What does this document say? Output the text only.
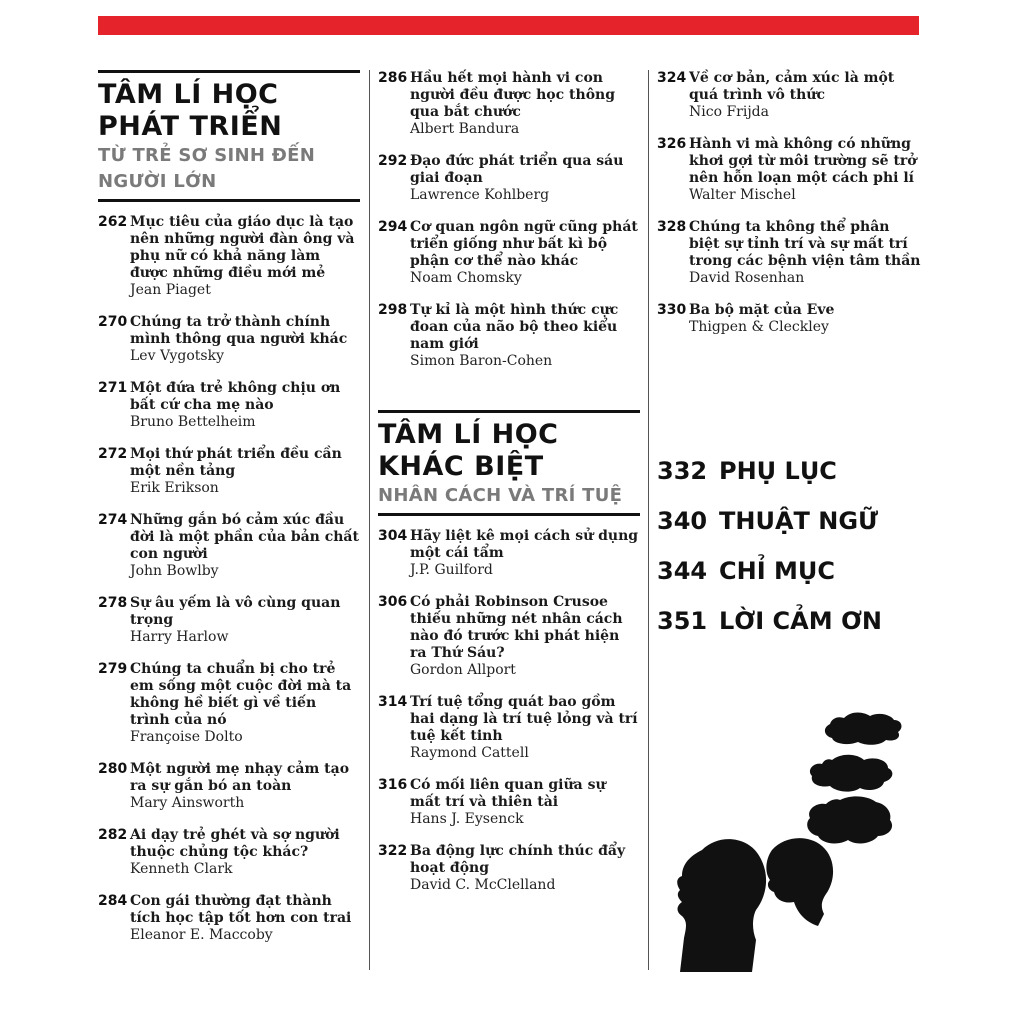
TÂM LÍ HỌC
PHÁT TRIỂN
TỪ TRẺ SƠ SINH ĐẾN
NGƯỜI LỚN
262 Mục tiêu của giáo dục là tạo nên những người đàn ông và phụ nữ có khả năng làm được những điều mới mẻ
Jean Piaget
270 Chúng ta trở thành chính mình thông qua người khác
Lev Vygotsky
271 Một đứa trẻ không chịu ơn bất cứ cha mẹ nào
Bruno Bettelheim
272 Mọi thứ phát triển đều cần một nền tảng
Erik Erikson
274 Những gắn bó cảm xúc đầu đời là một phần của bản chất con người
John Bowlby
278 Sự âu yếm là vô cùng quan trọng
Harry Harlow
279 Chúng ta chuẩn bị cho trẻ em sống một cuộc đời mà ta không hề biết gì về tiến trình của nó
Françoise Dolto
280 Một người mẹ nhạy cảm tạo ra sự gắn bó an toàn
Mary Ainsworth
282 Ai dạy trẻ ghét và sợ người thuộc chủng tộc khác?
Kenneth Clark
284 Con gái thường đạt thành tích học tập tốt hơn con trai
Eleanor E. Maccoby
286 Hầu hết mọi hành vi con người đều được học thông qua bắt chước
Albert Bandura
292 Đạo đức phát triển qua sáu giai đoạn
Lawrence Kohlberg
294 Cơ quan ngôn ngữ cũng phát triển giống như bất kì bộ phận cơ thể nào khác
Noam Chomsky
298 Tự kỉ là một hình thức cực đoan của não bộ theo kiểu nam giới
Simon Baron-Cohen
TÂM LÍ HỌC
KHÁC BIỆT
NHÂN CÁCH VÀ TRÍ TUỆ
304 Hãy liệt kê mọi cách sử dụng một cái tẩm
J.P. Guilford
306 Có phải Robinson Crusoe thiếu những nét nhân cách nào đó trước khi phát hiện ra Thứ Sáu?
Gordon Allport
314 Trí tuệ tổng quát bao gồm hai dạng là trí tuệ lỏng và trí tuệ kết tinh
Raymond Cattell
316 Có mối liên quan giữa sự mất trí và thiên tài
Hans J. Eysenck
322 Ba động lực chính thúc đẩy hoạt động
David C. McClelland
324 Về cơ bản, cảm xúc là một quá trình vô thức
Nico Frijda
326 Hành vi mà không có những khơi gợi từ môi trường sẽ trở nên hỗn loạn một cách phi lí
Walter Mischel
328 Chúng ta không thể phân biệt sự tỉnh trí và sự mất trí trong các bệnh viện tâm thần
David Rosenhan
330 Ba bộ mặt của Eve
Thigpen & Cleckley
332 PHỤ LỤC
340 THUẬT NGỮ
344 CHỈ MỤC
351 LỜI CẢM ƠN
